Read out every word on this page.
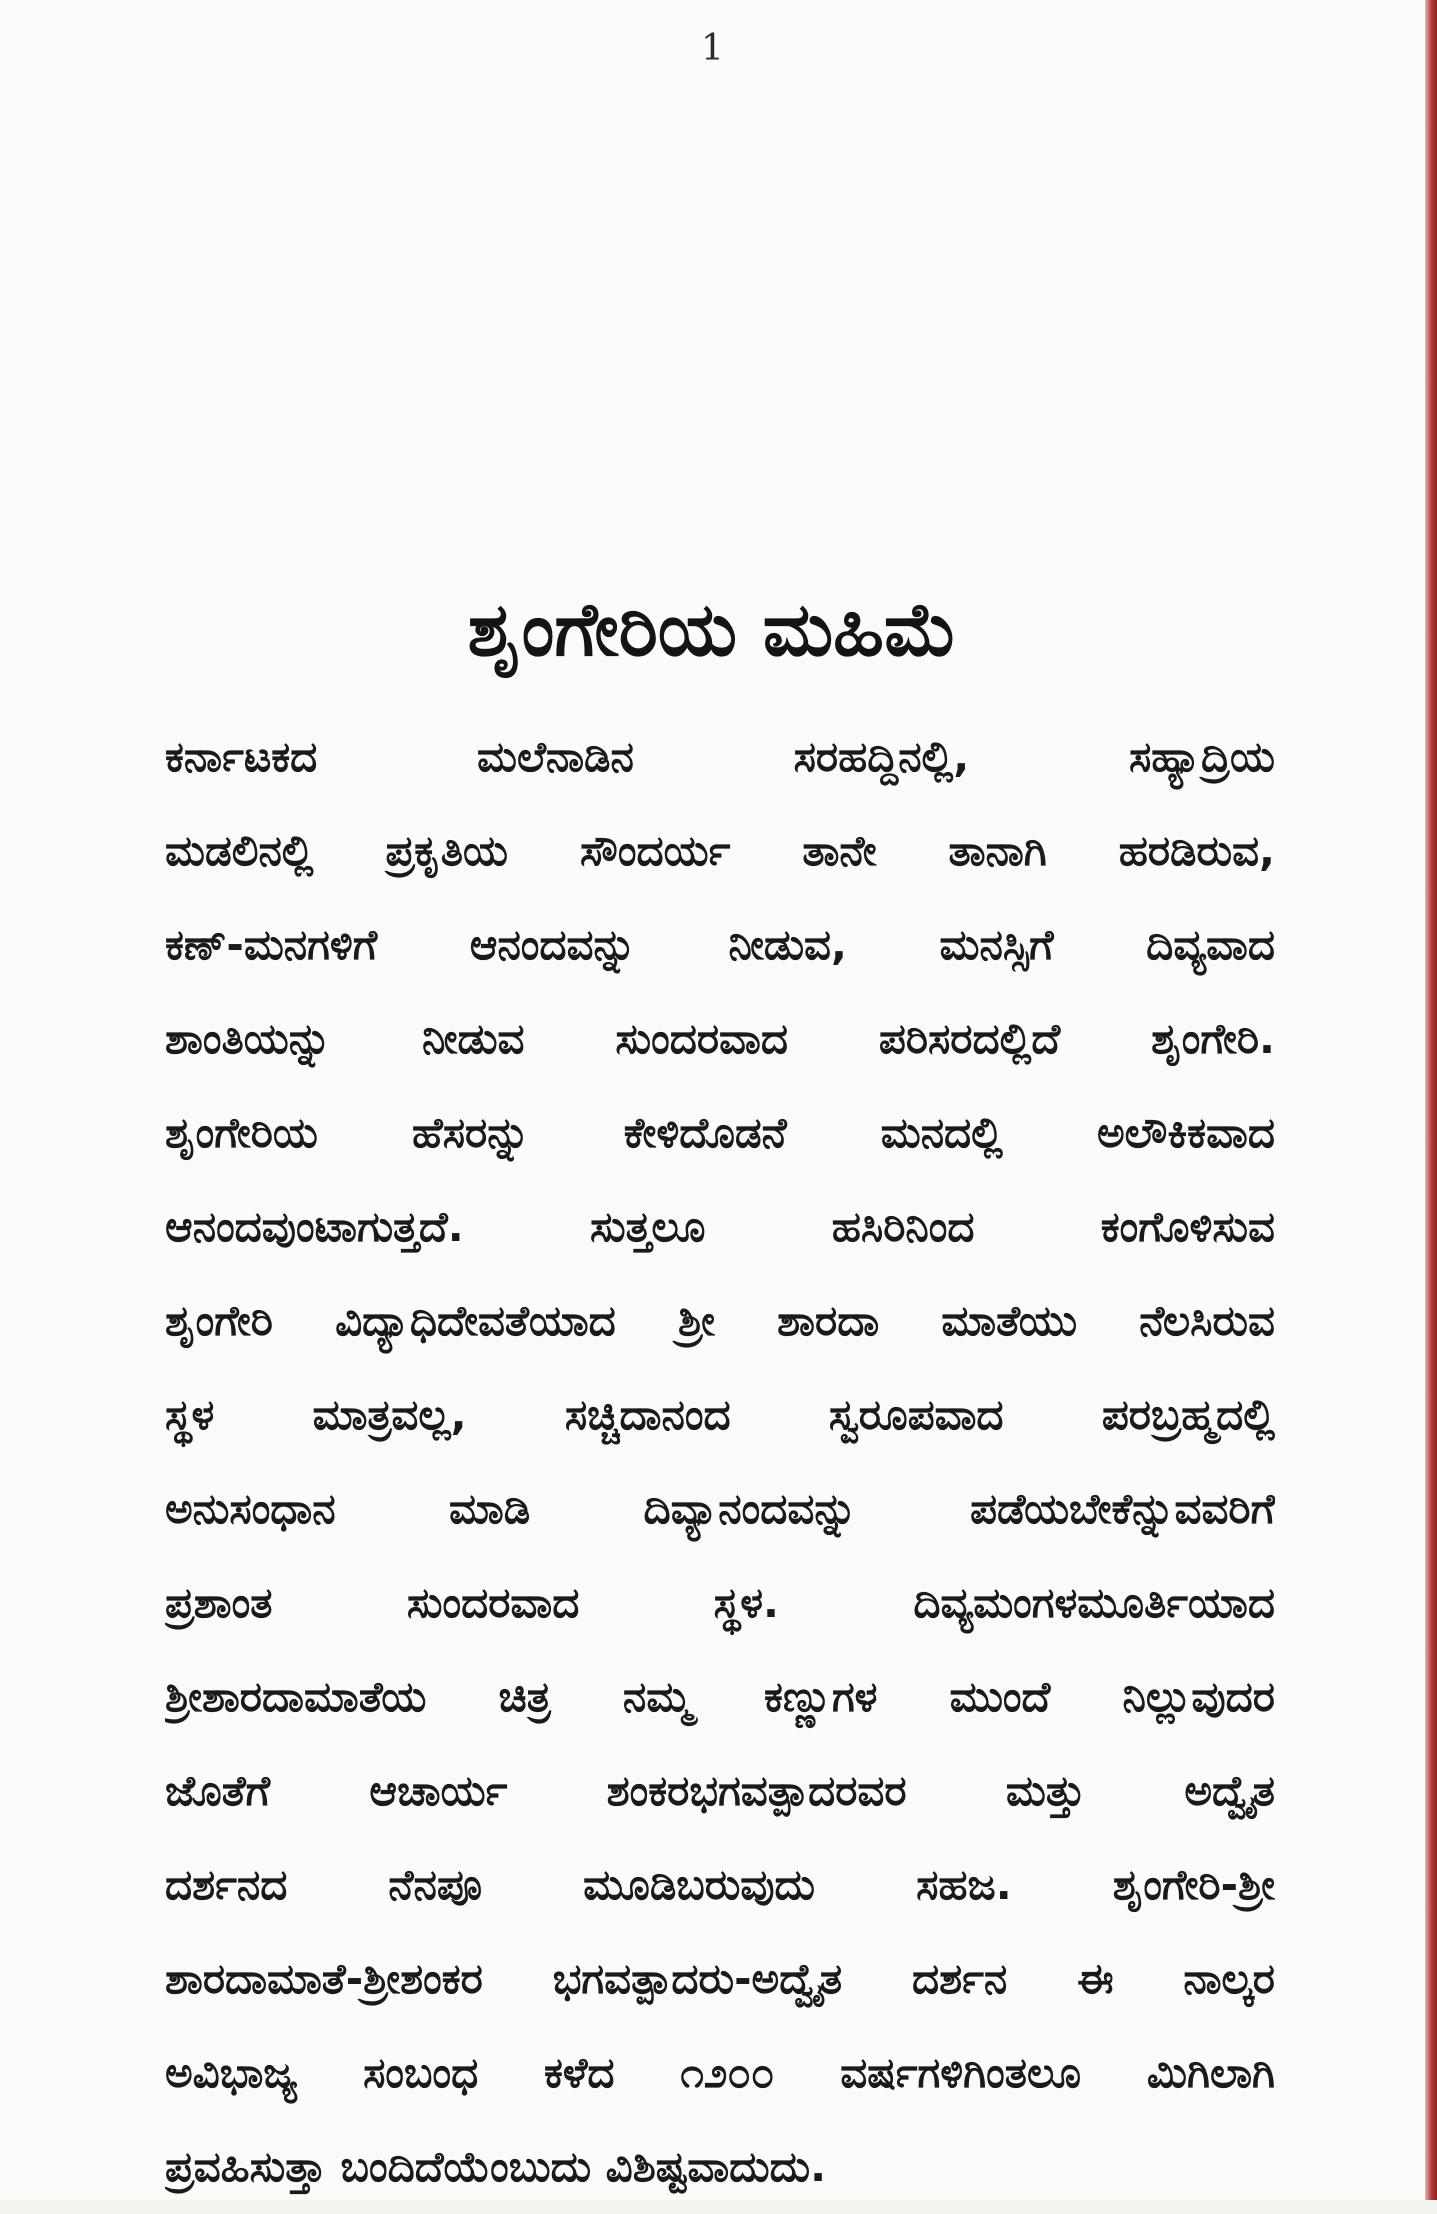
1
ಶೃಂಗೇರಿಯ ಮಹಿಮೆ
ಕರ್ನಾಟಕದ ಮಲೆನಾಡಿನ ಸರಹದ್ದಿನಲ್ಲಿ, ಸಹ್ಯಾದ್ರಿಯ
ಮಡಲಿನಲ್ಲಿ ಪ್ರಕೃತಿಯ ಸೌಂದರ್ಯ ತಾನೇ ತಾನಾಗಿ ಹರಡಿರುವ,
ಕಣ್-ಮನಗಳಿಗೆ ಆನಂದವನ್ನು ನೀಡುವ, ಮನಸ್ಸಿಗೆ ದಿವ್ಯವಾದ
ಶಾಂತಿಯನ್ನು ನೀಡುವ ಸುಂದರವಾದ ಪರಿಸರದಲ್ಲಿದೆ ಶೃಂಗೇರಿ.
ಶೃಂಗೇರಿಯ ಹೆಸರನ್ನು ಕೇಳಿದೊಡನೆ ಮನದಲ್ಲಿ ಅಲೌಕಿಕವಾದ
ಆನಂದವುಂಟಾಗುತ್ತದೆ. ಸುತ್ತಲೂ ಹಸಿರಿನಿಂದ ಕಂಗೊಳಿಸುವ
ಶೃಂಗೇರಿ ವಿದ್ಯಾಧಿದೇವತೆಯಾದ ಶ್ರೀ ಶಾರದಾ ಮಾತೆಯು ನೆಲಸಿರುವ
ಸ್ಥಳ ಮಾತ್ರವಲ್ಲ, ಸಚ್ಚಿದಾನಂದ ಸ್ವರೂಪವಾದ ಪರಬ್ರಹ್ಮದಲ್ಲಿ
ಅನುಸಂಧಾನ ಮಾಡಿ ದಿವ್ಯಾನಂದವನ್ನು ಪಡೆಯಬೇಕೆನ್ನುವವರಿಗೆ
ಪ್ರಶಾಂತ ಸುಂದರವಾದ ಸ್ಥಳ. ದಿವ್ಯಮಂಗಳಮೂರ್ತಿಯಾದ
ಶ್ರೀಶಾರದಾಮಾತೆಯ ಚಿತ್ರ ನಮ್ಮ ಕಣ್ಣುಗಳ ಮುಂದೆ ನಿಲ್ಲುವುದರ
ಜೊತೆಗೆ ಆಚಾರ್ಯ ಶಂಕರಭಗವತ್ಪಾದರವರ ಮತ್ತು ಅದ್ವೈತ
ದರ್ಶನದ ನೆನಪೂ ಮೂಡಿಬರುವುದು ಸಹಜ. ಶೃಂಗೇರಿ-ಶ್ರೀ
ಶಾರದಾಮಾತೆ-ಶ್ರೀಶಂಕರ ಭಗವತ್ಪಾದರು-ಅದ್ವೈತ ದರ್ಶನ ಈ ನಾಲ್ಕರ
ಅವಿಭಾಜ್ಯ ಸಂಬಂಧ ಕಳೆದ ೧೨೦೦ ವರ್ಷಗಳಿಗಿಂತಲೂ ಮಿಗಿಲಾಗಿ
ಪ್ರವಹಿಸುತ್ತಾ ಬಂದಿದೆಯೆಂಬುದು ವಿಶಿಷ್ಟವಾದುದು.
